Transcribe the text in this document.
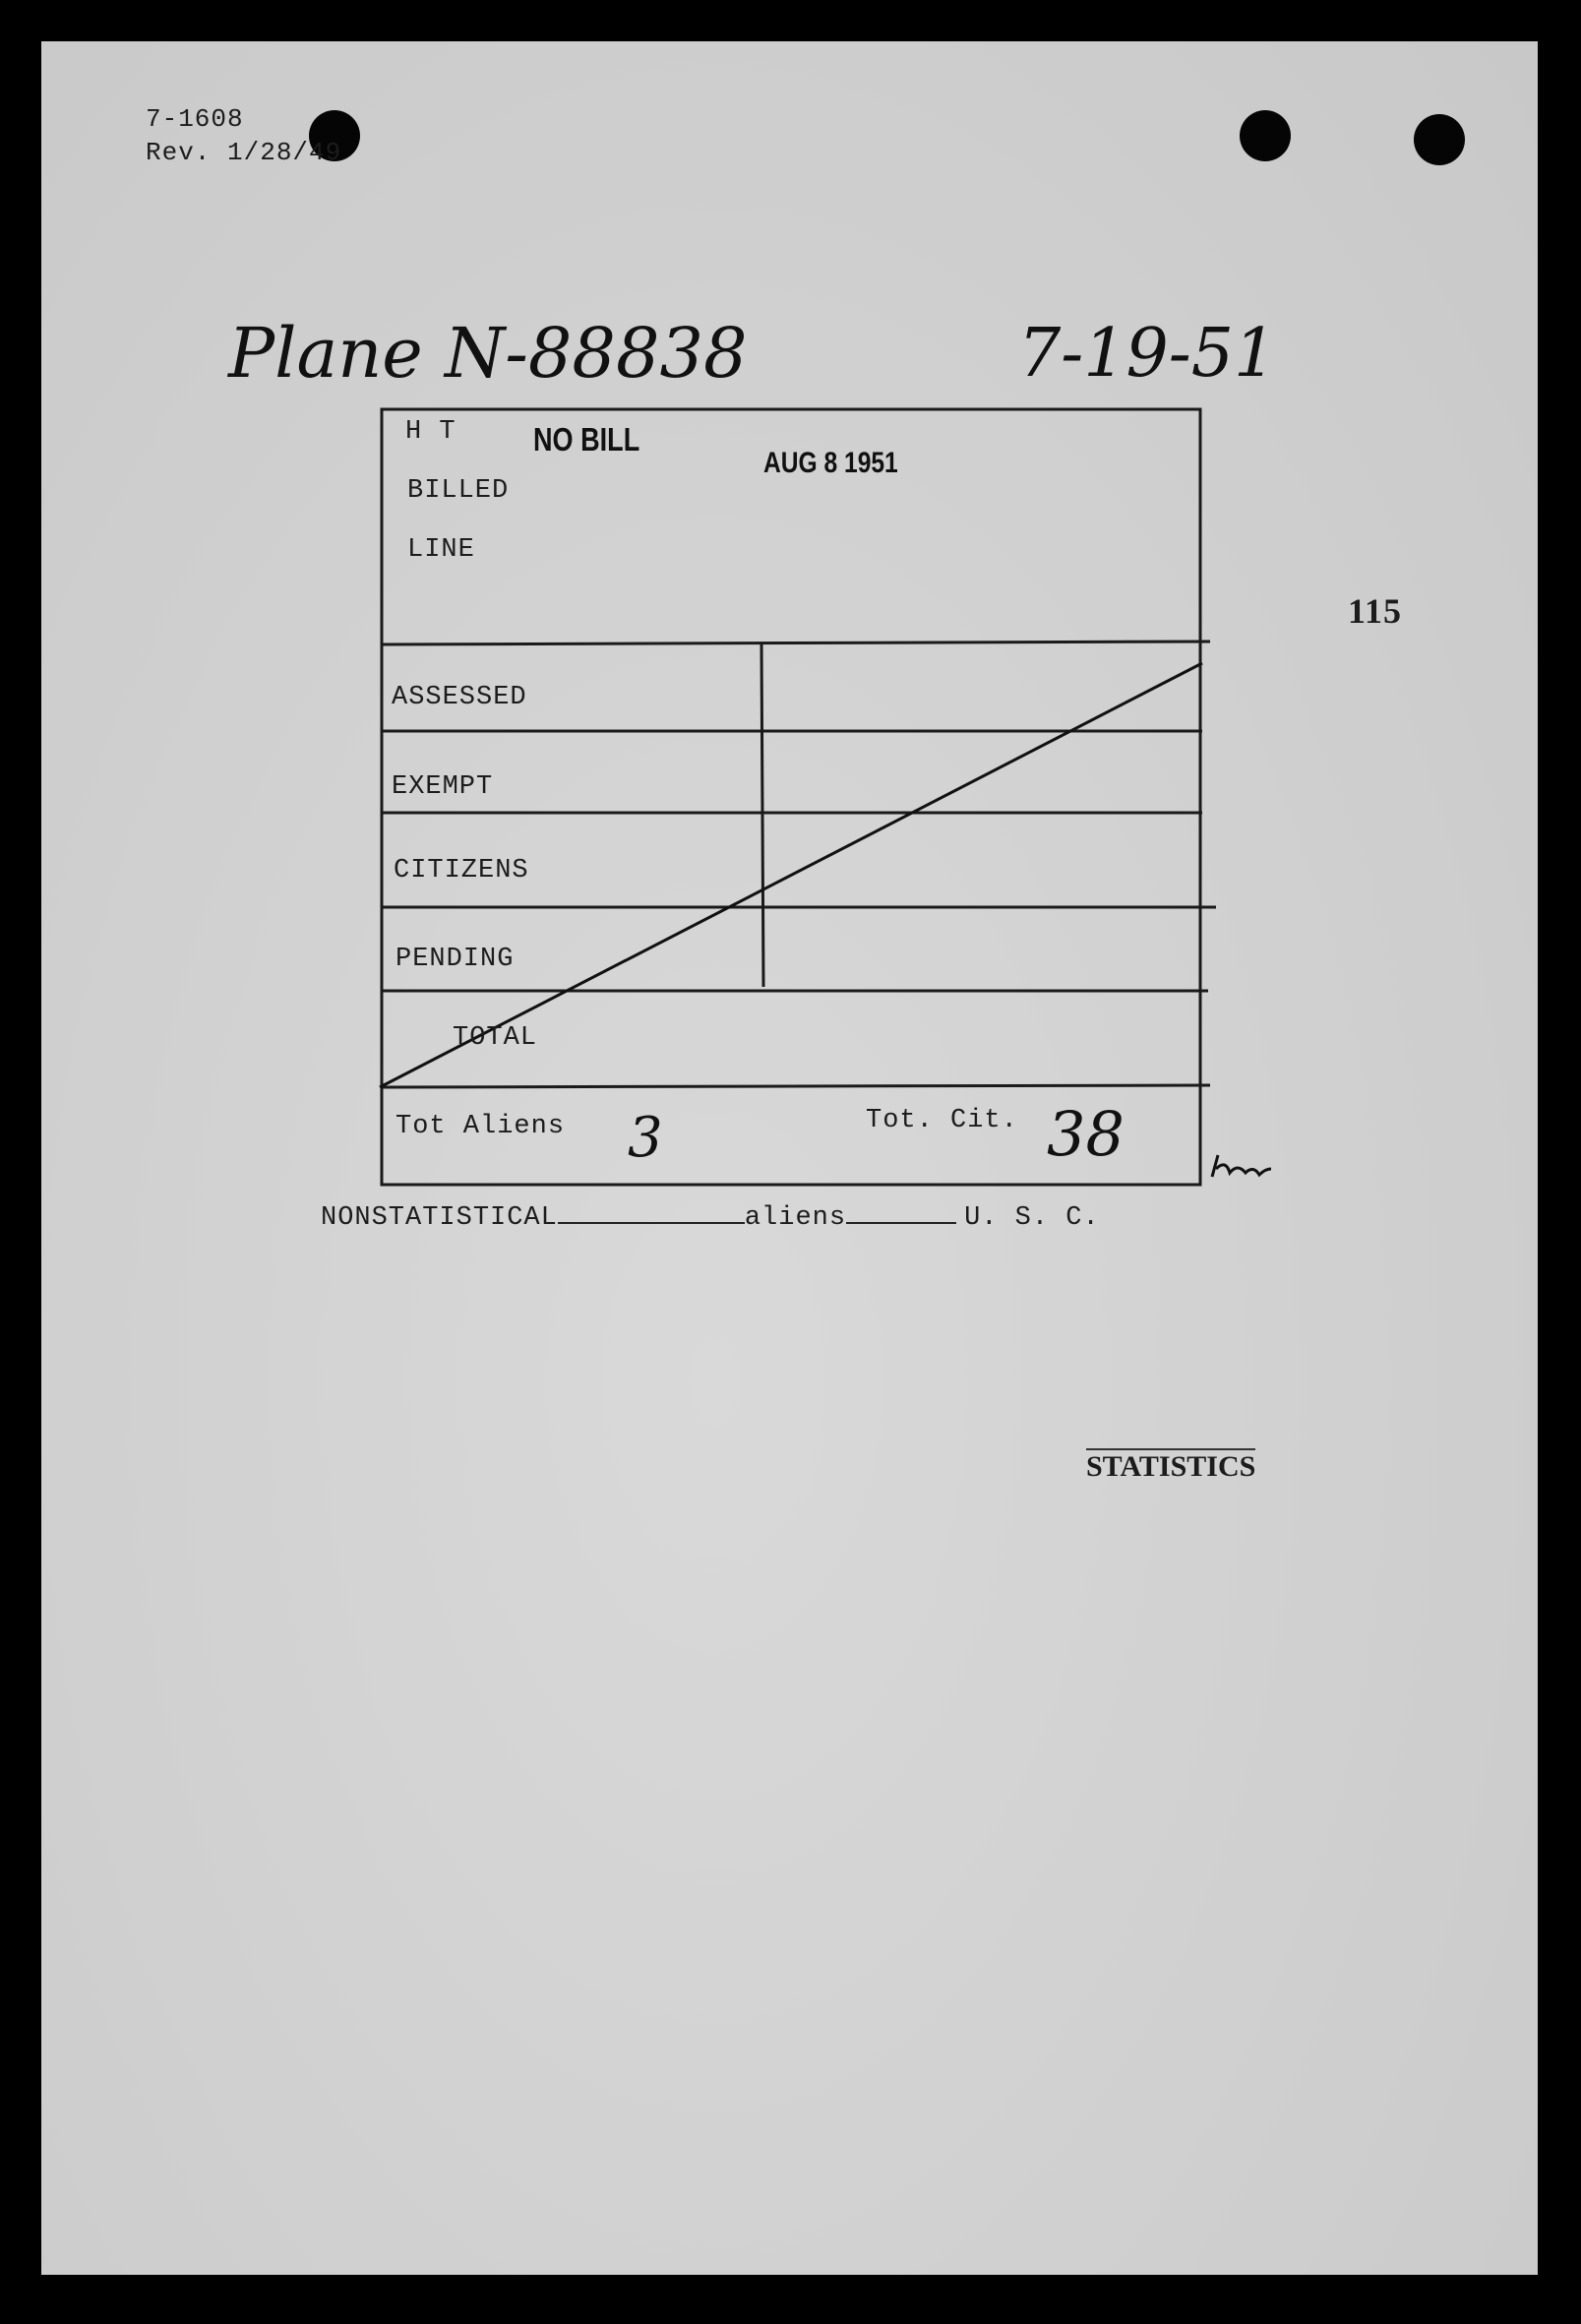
7-1608
Rev. 1/28/49
Plane N-88838	7-19-51
115
H T NO BILL
AUG 8 1951
BILLED
LINE
ASSESSED
EXEMPT
CITIZENS
PENDING
TOTAL
Tot Aliens 3	Tot. Cit. 38
NONSTATISTICAL	aliens	U. S. C.
STATISTICS
